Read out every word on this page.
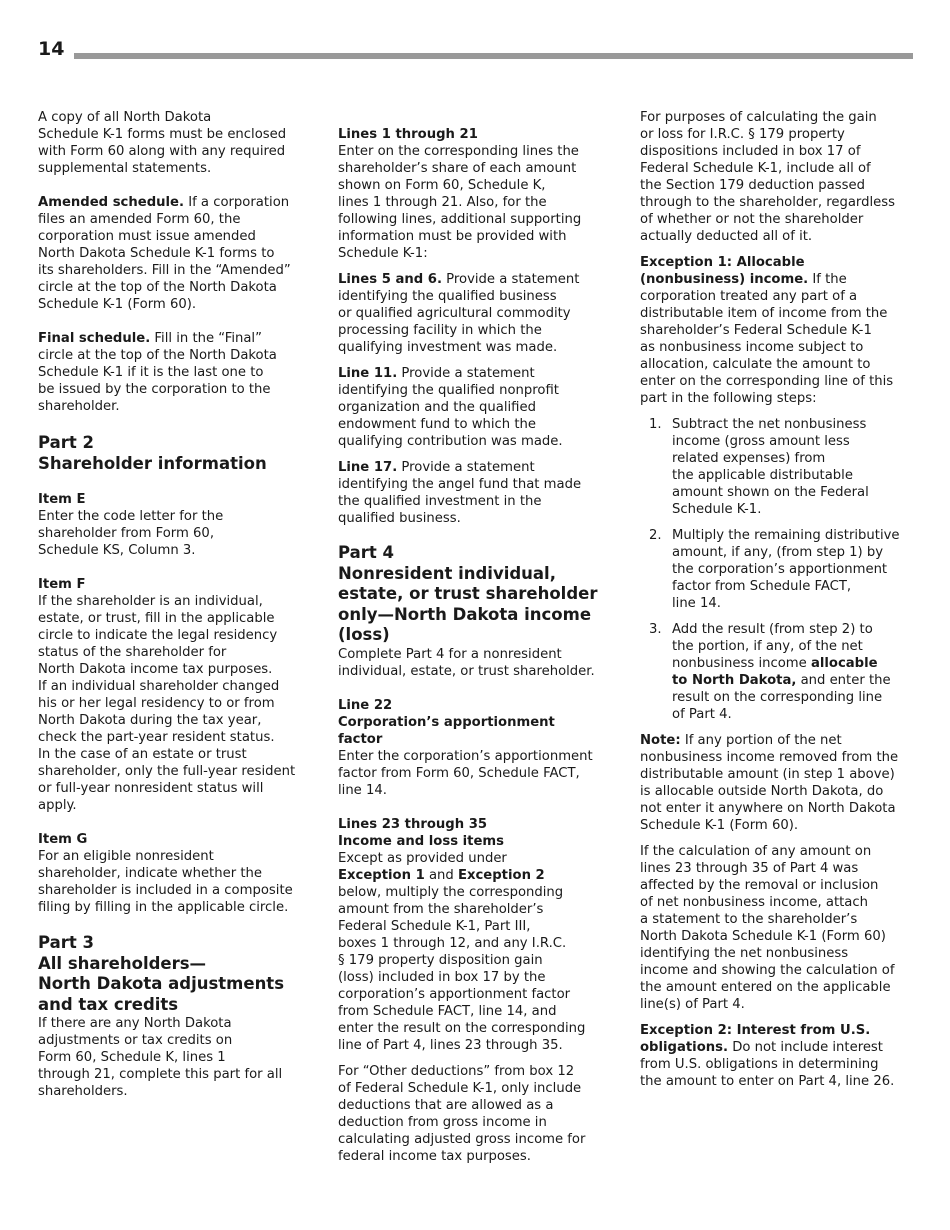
14

A copy of all North Dakota
Schedule K-1 forms must be enclosed
with Form 60 along with any required
supplemental statements.

Amended schedule. If a corporation
files an amended Form 60, the
corporation must issue amended
North Dakota Schedule K-1 forms to
its shareholders. Fill in the “Amended”
circle at the top of the North Dakota
Schedule K-1 (Form 60).

Final schedule. Fill in the “Final”
circle at the top of the North Dakota
Schedule K-1 if it is the last one to
be issued by the corporation to the
shareholder.

Part 2
Shareholder information
Item E

Enter the code letter for the
shareholder from Form 60,
Schedule KS, Column 3.

Item F

If the shareholder is an individual,
estate, or trust, fill in the applicable
circle to indicate the legal residency
status of the shareholder for
North Dakota income tax purposes.
If an individual shareholder changed
his or her legal residency to or from
North Dakota during the tax year,
check the part-year resident status.
In the case of an estate or trust
shareholder, only the full-year resident
or full-year nonresident status will
apply.

Item G

For an eligible nonresident
shareholder, indicate whether the
shareholder is included in a composite
filing by filling in the applicable circle.

Part 3
All shareholders—
North Dakota adjustments
and tax credits

If there are any North Dakota
adjustments or tax credits on
Form 60, Schedule K, lines 1
through 21, complete this part for all
shareholders.

Lines 1 through 21

Enter on the corresponding lines the
shareholder’s share of each amount
shown on Form 60, Schedule K,
lines 1 through 21. Also, for the
following lines, additional supporting
information must be provided with
Schedule K-1:

Lines 5 and 6. Provide a statement
identifying the qualified business
or qualified agricultural commodity
processing facility in which the
qualifying investment was made.

Line 11. Provide a statement
identifying the qualified nonprofit
organization and the qualified
endowment fund to which the
qualifying contribution was made.

Line 17. Provide a statement
identifying the angel fund that made
the qualified investment in the
qualified business.

Part 4
Nonresident individual,
estate, or trust shareholder
only—North Dakota income
(loss)

Complete Part 4 for a nonresident
individual, estate, or trust shareholder.

Line 22
Corporation’s apportionment
factor

Enter the corporation’s apportionment
factor from Form 60, Schedule FACT,
line 14.

Lines 23 through 35
Income and loss items

Except as provided under
Exception 1 and Exception 2
below, multiply the corresponding
amount from the shareholder’s
Federal Schedule K-1, Part III,
boxes 1 through 12, and any I.R.C.
§ 179 property disposition gain
(loss) included in box 17 by the
corporation’s apportionment factor
from Schedule FACT, line 14, and
enter the result on the corresponding
line of Part 4, lines 23 through 35.

For “Other deductions” from box 12
of Federal Schedule K-1, only include
deductions that are allowed as a
deduction from gross income in
calculating adjusted gross income for
federal income tax purposes.

For purposes of calculating the gain
or loss for I.R.C. § 179 property
dispositions included in box 17 of
Federal Schedule K-1, include all of
the Section 179 deduction passed
through to the shareholder, regardless
of whether or not the shareholder
actually deducted all of it.

Exception 1: Allocable
(nonbusiness) income. If the
corporation treated any part of a
distributable item of income from the
shareholder’s Federal Schedule K-1
as nonbusiness income subject to
allocation, calculate the amount to
enter on the corresponding line of this
part in the following steps:

1. Subtract the net nonbusiness
income (gross amount less
related expenses) from
the applicable distributable
amount shown on the Federal
Schedule K-1.
2. Multiply the remaining distributive
amount, if any, (from step 1) by
the corporation’s apportionment
factor from Schedule FACT,
line 14.
3. Add the result (from step 2) to
the portion, if any, of the net
nonbusiness income allocable
to North Dakota, and enter the
result on the corresponding line
of Part 4.

Note: If any portion of the net
nonbusiness income removed from the
distributable amount (in step 1 above)
is allocable outside North Dakota, do
not enter it anywhere on North Dakota
Schedule K-1 (Form 60).

If the calculation of any amount on
lines 23 through 35 of Part 4 was
affected by the removal or inclusion
of net nonbusiness income, attach
a statement to the shareholder’s
North Dakota Schedule K-1 (Form 60)
identifying the net nonbusiness
income and showing the calculation of
the amount entered on the applicable
line(s) of Part 4.

Exception 2: Interest from U.S.
obligations. Do not include interest
from U.S. obligations in determining
the amount to enter on Part 4, line 26.
